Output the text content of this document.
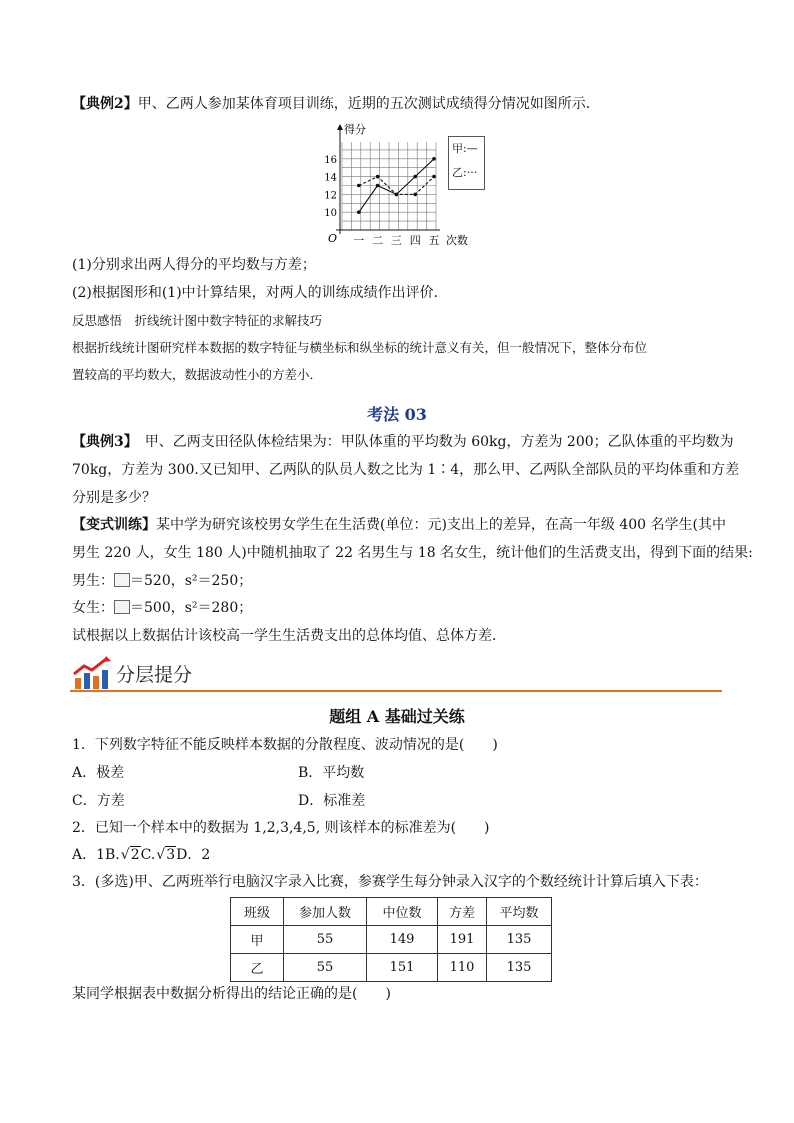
【典例2】甲、乙两人参加某体育项目训练，近期的五次测试成绩得分情况如图所示．
得分
O
10
12
14
16
一 二 三 四 五 次数
甲:—
乙:···
(1)分别求出两人得分的平均数与方差；
(2)根据图形和(1)中计算结果，对两人的训练成绩作出评价．
反思感悟　折线统计图中数字特征的求解技巧
根据折线统计图研究样本数据的数字特征与横坐标和纵坐标的统计意义有关，但一般情况下，整体分布位
置较高的平均数大，数据波动性小的方差小．
考法 03
【典例3】　甲、乙两支田径队体检结果为：甲队体重的平均数为 60kg，方差为 200；乙队体重的平均数为
70kg，方差为 300.又已知甲、乙两队的队员人数之比为 1∶4，那么甲、乙两队全部队员的平均体重和方差
分别是多少？
【变式训练】某中学为研究该校男女学生在生活费(单位：元)支出上的差异，在高一年级 400 名学生(其中
男生 220 人，女生 180 人)中随机抽取了 22 名男生与 18 名女生，统计他们的生活费支出，得到下面的结果:
男生： ＝520，s²＝250；
女生： ＝500，s²＝280；
试根据以上数据估计该校高一学生生活费支出的总体均值、总体方差．
分层提分
题组 A 基础过关练
1．下列数字特征不能反映样本数据的分散程度、波动情况的是(　　)
A．极差	B．平均数
C．方差	D．标准差
2．已知一个样本中的数据为 1,2,3,4,5, 则该样本的标准差为(　　)
A．1B.√2C.√3D．2
3．(多选)甲、乙两班举行电脑汉字录入比赛，参赛学生每分钟录入汉字的个数经统计计算后填入下表：
班级	参加人数	中位数	方差	平均数
甲	55	149	191	135
乙	55	151	110	135
某同学根据表中数据分析得出的结论正确的是(　　)
